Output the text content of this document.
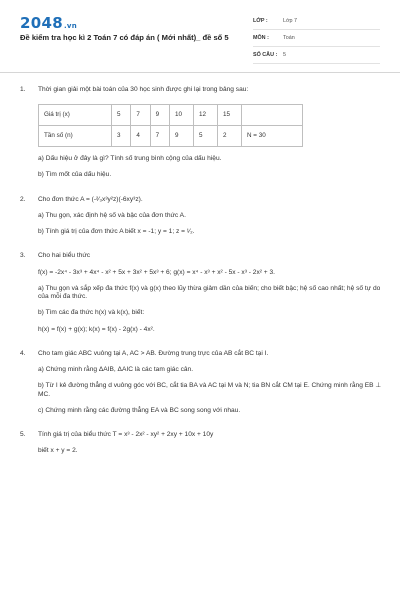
2048.vn
Đề kiểm tra học kì 2 Toán 7 có đáp án ( Mới nhất)_ đề số 5
LỚP :	Lớp 7
MÔN :	Toán
SỐ CÂU :	5
1.	Thời gian giải một bài toán của 30 học sinh được ghi lại trong bảng sau:
Giá trị (x)	5	7	9	10	12	15	
Tần số (n)	3	4	7	9	5	2	N = 30
a) Dấu hiệu ở đây là gì? Tính số trung bình cộng của dấu hiệu.
b) Tìm mốt của dấu hiệu.
2.	Cho đơn thức A = (-²⁄₃x³y²z)(-6xy³z).
a) Thu gọn, xác định hệ số và bậc của đơn thức A.
b) Tính giá trị của đơn thức A biết x = -1; y = 1; z = ¹⁄₂.
3.	Cho hai biểu thức
f(x) = -2x⁴ - 3x³ + 4x⁴ - x² + 5x + 3x² + 5x³ + 6; g(x) = x⁴ - x³ + x² - 5x - x³ - 2x² + 3.
a) Thu gọn và sắp xếp đa thức f(x) và g(x) theo lũy thừa giảm dần của biến; cho biết bậc; hệ số cao nhất; hệ số tự do của mỗi đa thức.
b) Tìm các đa thức h(x) và k(x), biết:
h(x) = f(x) + g(x); k(x) = f(x) - 2g(x) - 4x².
4.	Cho tam giác ABC vuông tại A, AC > AB. Đường trung trực của AB cắt BC tại I.
a) Chứng minh rằng ΔAIB, ΔAIC là các tam giác cân.
b) Từ I kẻ đường thẳng d vuông góc với BC, cắt tia BA và AC tại M và N; tia BN cắt CM tại E. Chứng minh rằng EB ⊥ MC.
c) Chứng minh rằng các đường thẳng EA và BC song song với nhau.
5.	Tính giá trị của biểu thức T = x³ - 2x² - xy² + 2xy + 10x + 10y
biết x + y = 2.
